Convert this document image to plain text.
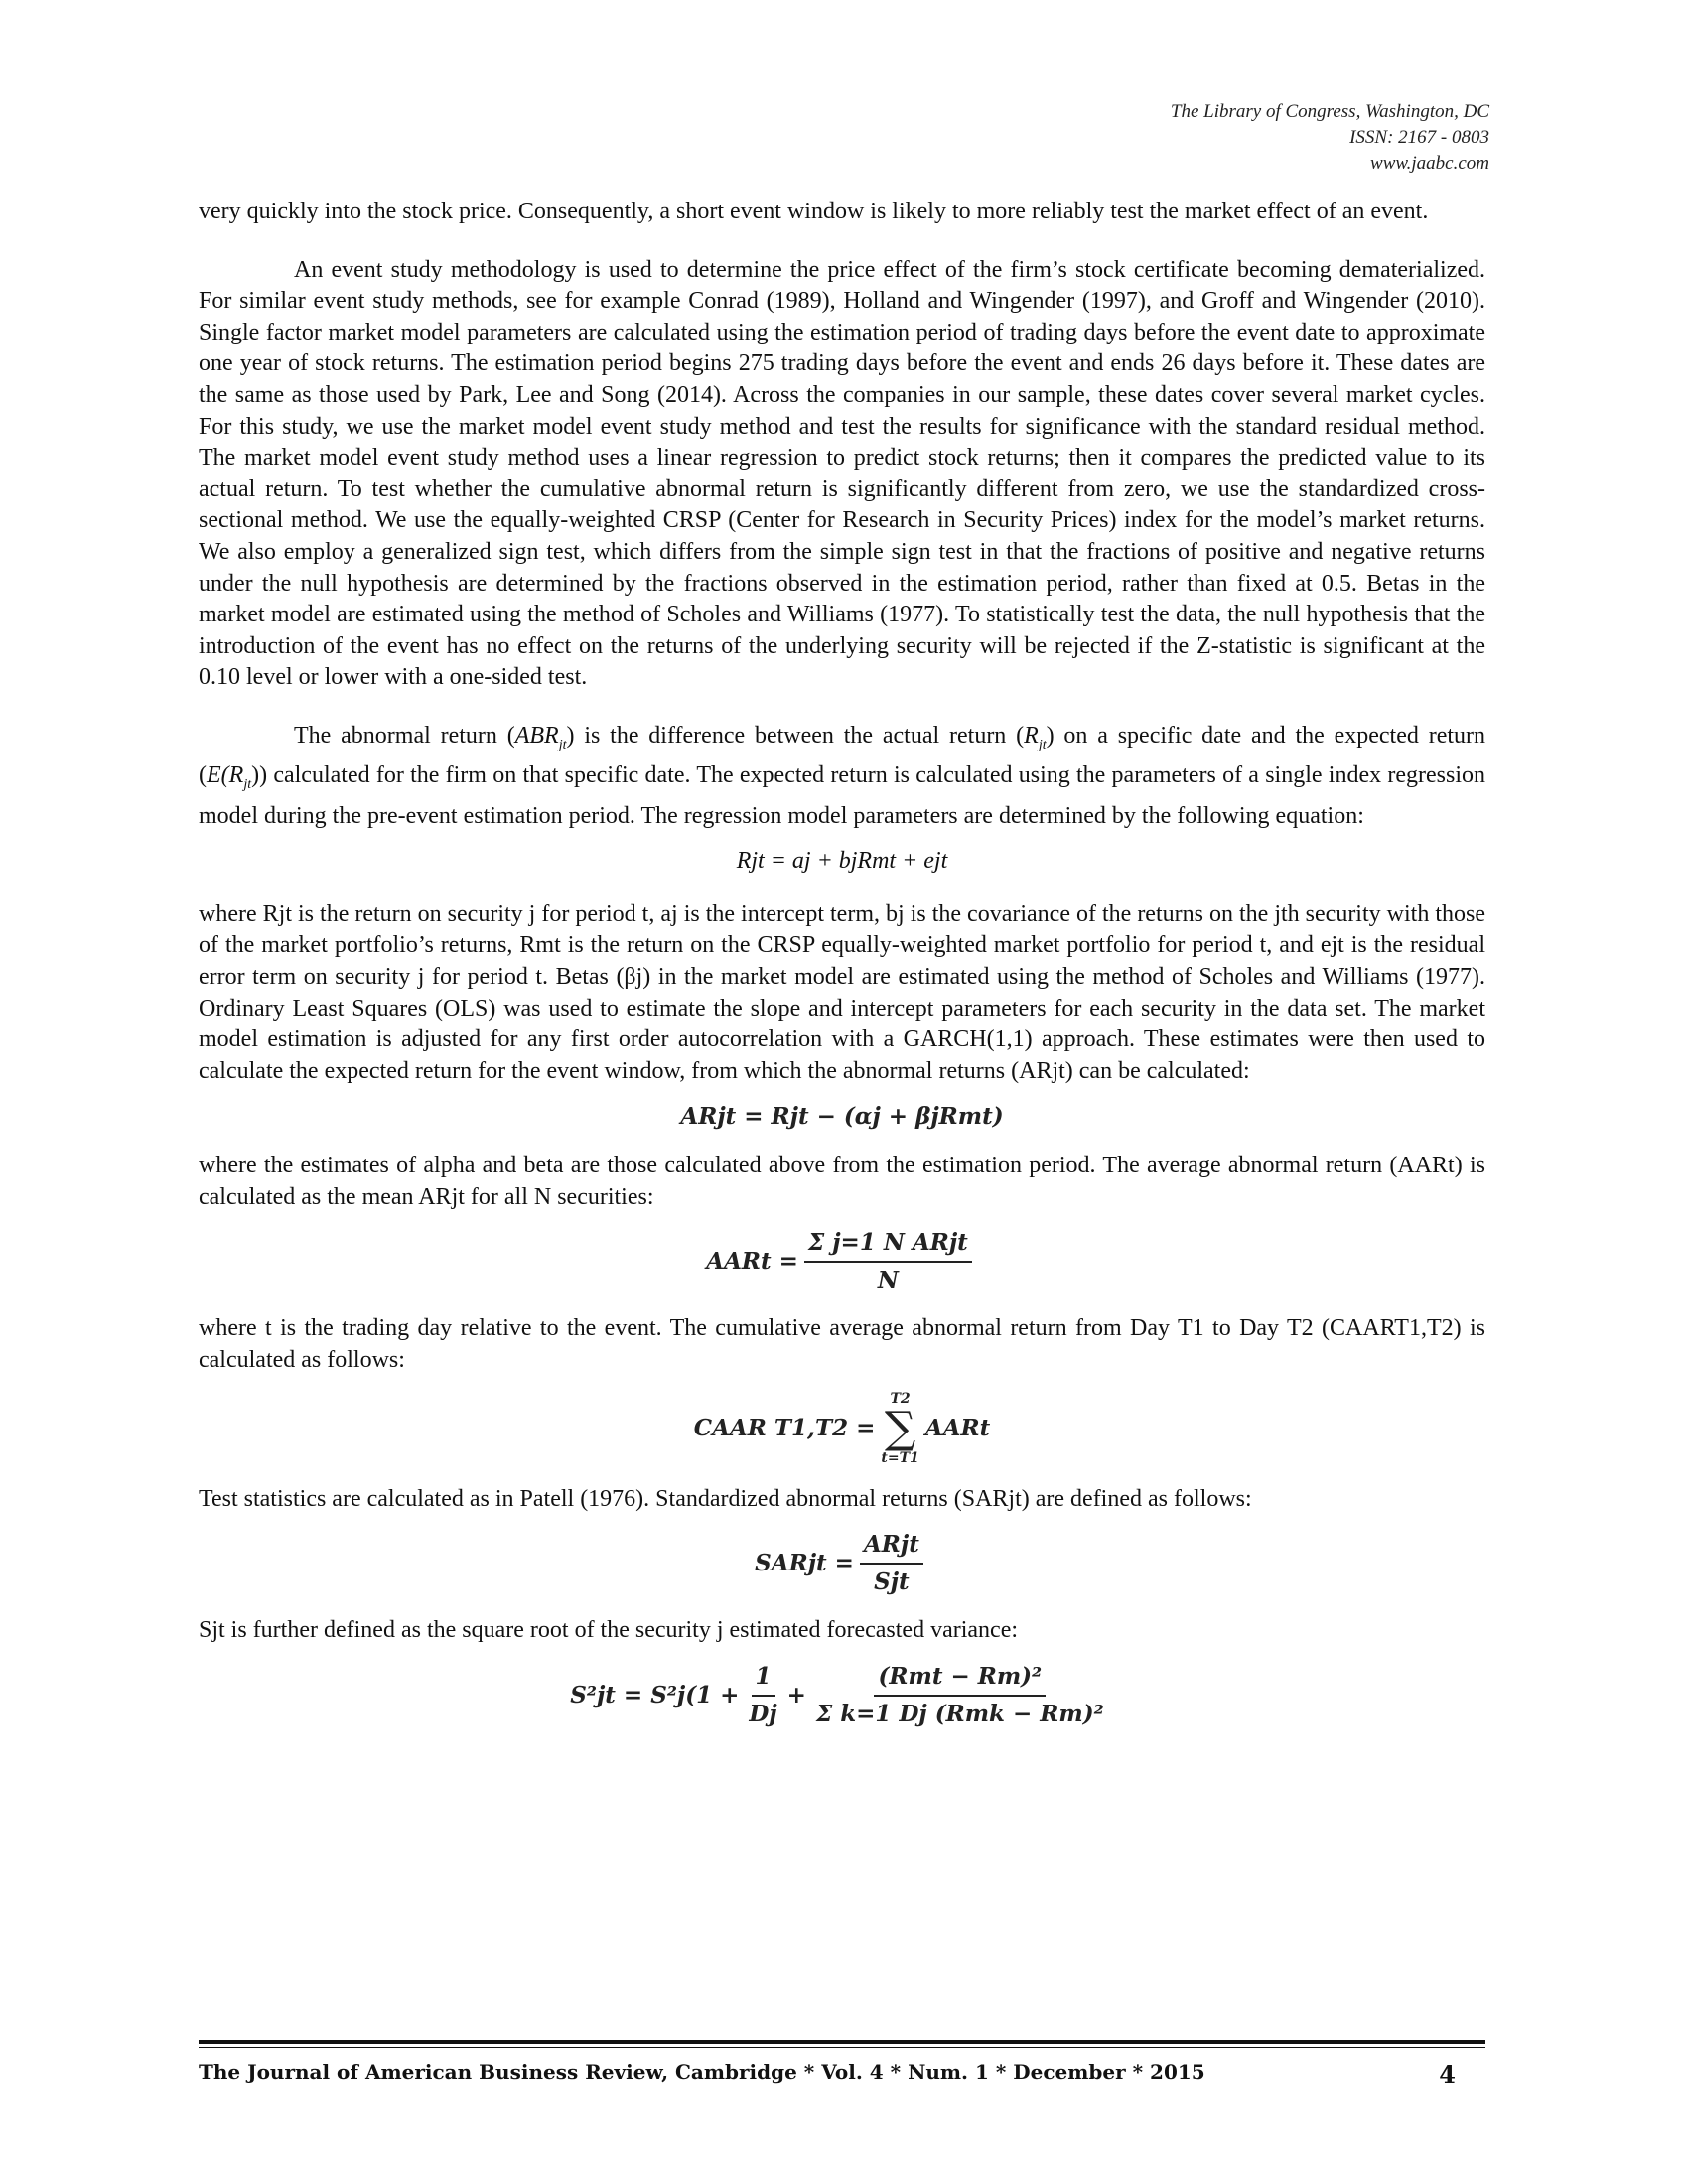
The Library of Congress, Washington, DC
ISSN: 2167 - 0803
www.jaabc.com

very quickly into the stock price. Consequently, a short event window is likely to more reliably test the market effect of an event.

An event study methodology is used to determine the price effect of the firm’s stock certificate becoming dematerialized. For similar event study methods, see for example Conrad (1989), Holland and Wingender (1997), and Groff and Wingender (2010). Single factor market model parameters are calculated using the estimation period of trading days before the event date to approximate one year of stock returns. The estimation period begins 275 trading days before the event and ends 26 days before it. These dates are the same as those used by Park, Lee and Song (2014). Across the companies in our sample, these dates cover several market cycles. For this study, we use the market model event study method and test the results for significance with the standard residual method. The market model event study method uses a linear regression to predict stock returns; then it compares the predicted value to its actual return. To test whether the cumulative abnormal return is significantly different from zero, we use the standardized cross-sectional method. We use the equally-weighted CRSP (Center for Research in Security Prices) index for the model’s market returns. We also employ a generalized sign test, which differs from the simple sign test in that the fractions of positive and negative returns under the null hypothesis are determined by the fractions observed in the estimation period, rather than fixed at 0.5. Betas in the market model are estimated using the method of Scholes and Williams (1977). To statistically test the data, the null hypothesis that the introduction of the event has no effect on the returns of the underlying security will be rejected if the Z-statistic is significant at the 0.10 level or lower with a one-sided test.

The abnormal return $(ABR_{jt})$ is the difference between the actual return $(R_{jt})$ on a specific date and the expected return $(E(R_{jt}))$ calculated for the firm on that specific date. The expected return is calculated using the parameters of a single index regression model during the pre-event estimation period. The regression model parameters are determined by the following equation:

Rjt = aj + bjRmt + ejt

where Rjt is the return on security j for period t, aj is the intercept term, bj is the covariance of the returns on the jth security with those of the market portfolio’s returns, Rmt is the return on the CRSP equally-weighted market portfolio for period t, and ejt is the residual error term on security j for period t. Betas (βj) in the market model are estimated using the method of Scholes and Williams (1977). Ordinary Least Squares (OLS) was used to estimate the slope and intercept parameters for each security in the data set. The market model estimation is adjusted for any first order autocorrelation with a GARCH(1,1) approach. These estimates were then used to calculate the expected return for the event window, from which the abnormal returns (ARjt) can be calculated:

ARjt = Rjt − (αj + βjRmt)

where the estimates of alpha and beta are those calculated above from the estimation period. The average abnormal return (AARt) is calculated as the mean ARjt for all N securities:

AARt = $\frac{\text{Σ j=1 N ARjt}}{N}$

where t is the trading day relative to the event. The cumulative average abnormal return from Day T1 to Day T2 (CAART1,T2) is calculated as follows:

CAAR T1,T2 =
T2
∑
t=T1
AARt

Test statistics are calculated as in Patell (1976). Standardized abnormal returns (SARjt) are defined as follows:

SARjt = $\frac{\text{ARjt}}{\text{Sjt}}$

Sjt is further defined as the square root of the security j estimated forecasted variance:

$S^2jt = S^2j(1 + \frac{1}{Dj} + \frac{\text{(Rmt − Rm)²}}{\text{Σ k=1 Dj (Rmk − Rm)²}}$
The Journal of American Business Review, Cambridge * Vol. 4 * Num. 1 * December * 2015	4
